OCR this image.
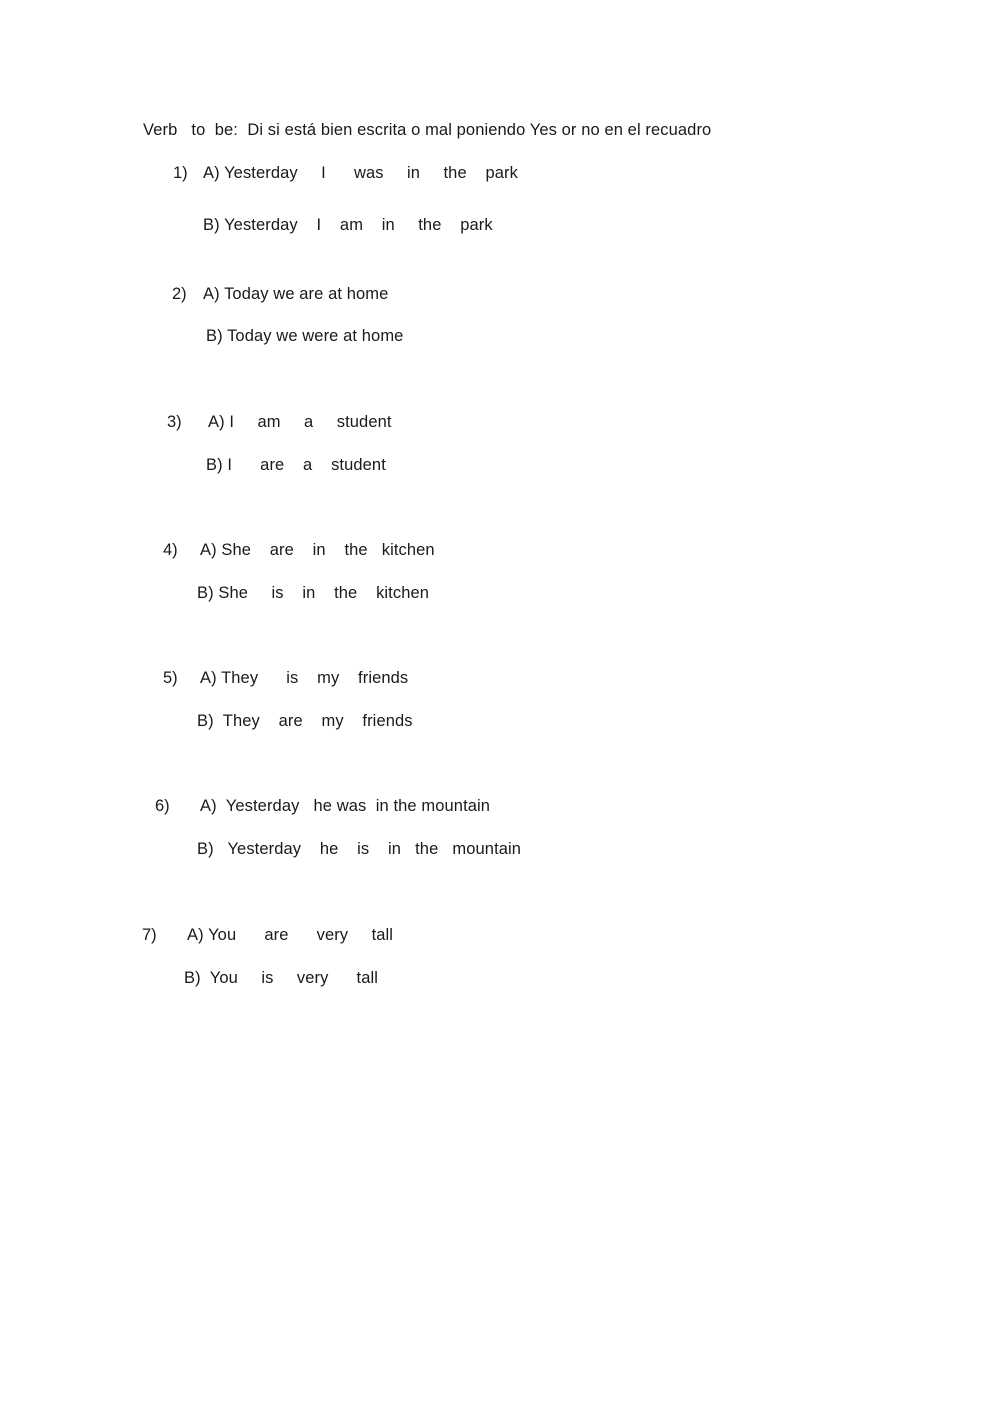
Verb   to  be:  Di si está bien escrita o mal poniendo Yes or no en el recuadro
1) A) Yesterday     I      was     in     the    park
B) Yesterday    I    am    in     the    park
2) A) Today we are at home
B) Today we were at home
3) A) I     am     a     student
B) I      are    a    student
4) A) She    are    in    the   kitchen
B) She     is    in    the    kitchen
5) A) They      is    my    friends
B)  They    are    my    friends
6) A)  Yesterday   he was  in the mountain
B)   Yesterday    he    is    in   the   mountain
7) A) You      are      very     tall
B)  You     is     very      tall
